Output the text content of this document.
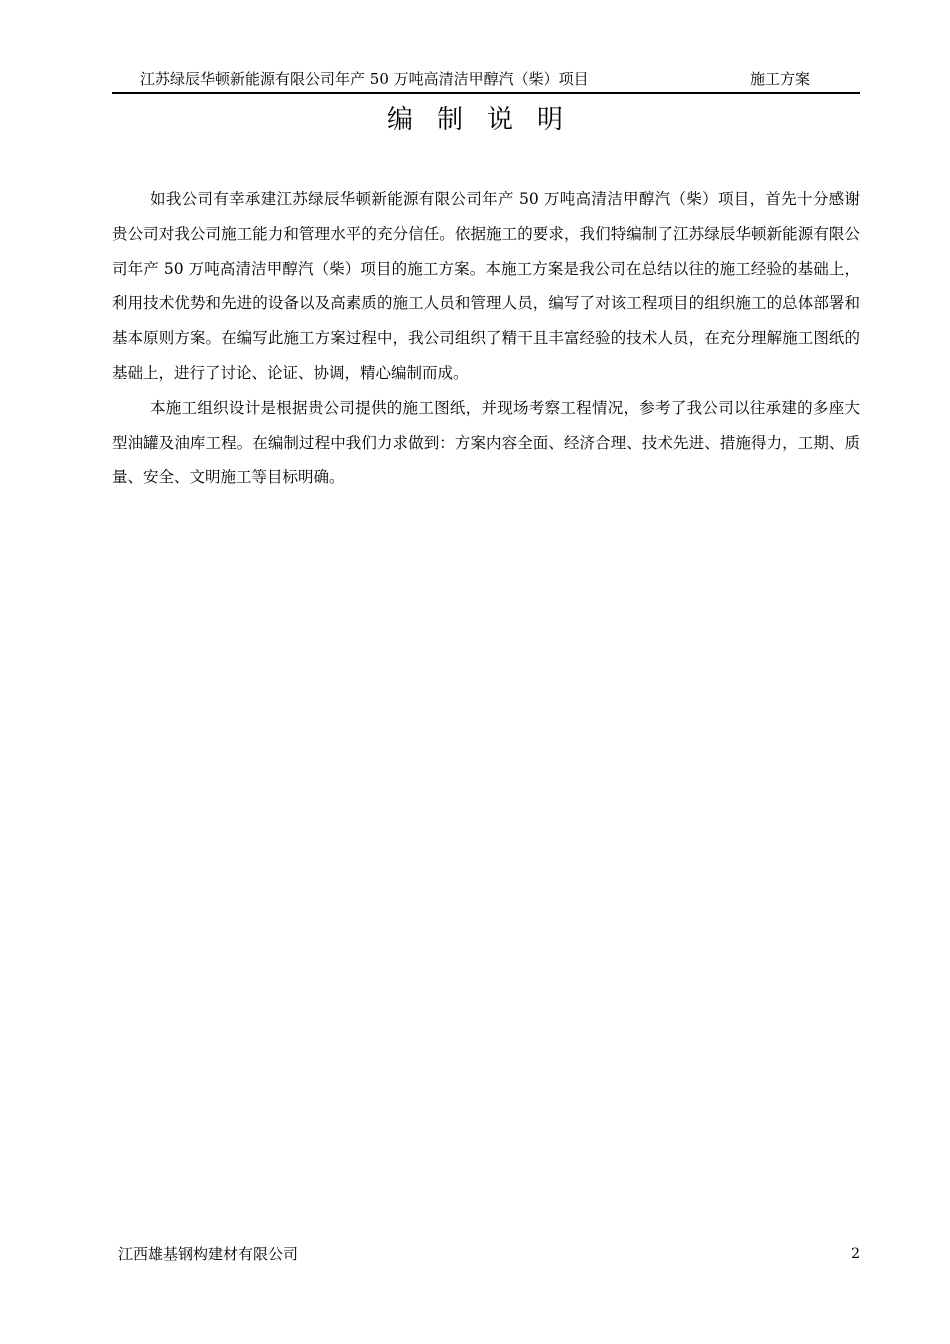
江苏绿辰华顿新能源有限公司年产 50 万吨高清洁甲醇汽（柴）项目	施工方案
编制说明

如我公司有幸承建江苏绿辰华顿新能源有限公司年产 50 万吨高清洁甲醇汽（柴）项目，首先十分感谢贵公司对我公司施工能力和管理水平的充分信任。依据施工的要求，我们特编制了江苏绿辰华顿新能源有限公司年产 50 万吨高清洁甲醇汽（柴）项目的施工方案。本施工方案是我公司在总结以往的施工经验的基础上，利用技术优势和先进的设备以及高素质的施工人员和管理人员，编写了对该工程项目的组织施工的总体部署和基本原则方案。在编写此施工方案过程中，我公司组织了精干且丰富经验的技术人员，在充分理解施工图纸的基础上，进行了讨论、论证、协调，精心编制而成。

本施工组织设计是根据贵公司提供的施工图纸，并现场考察工程情况，参考了我公司以往承建的多座大型油罐及油库工程。在编制过程中我们力求做到：方案内容全面、经济合理、技术先进、措施得力，工期、质量、安全、文明施工等目标明确。

江西雄基钢构建材有限公司	2
